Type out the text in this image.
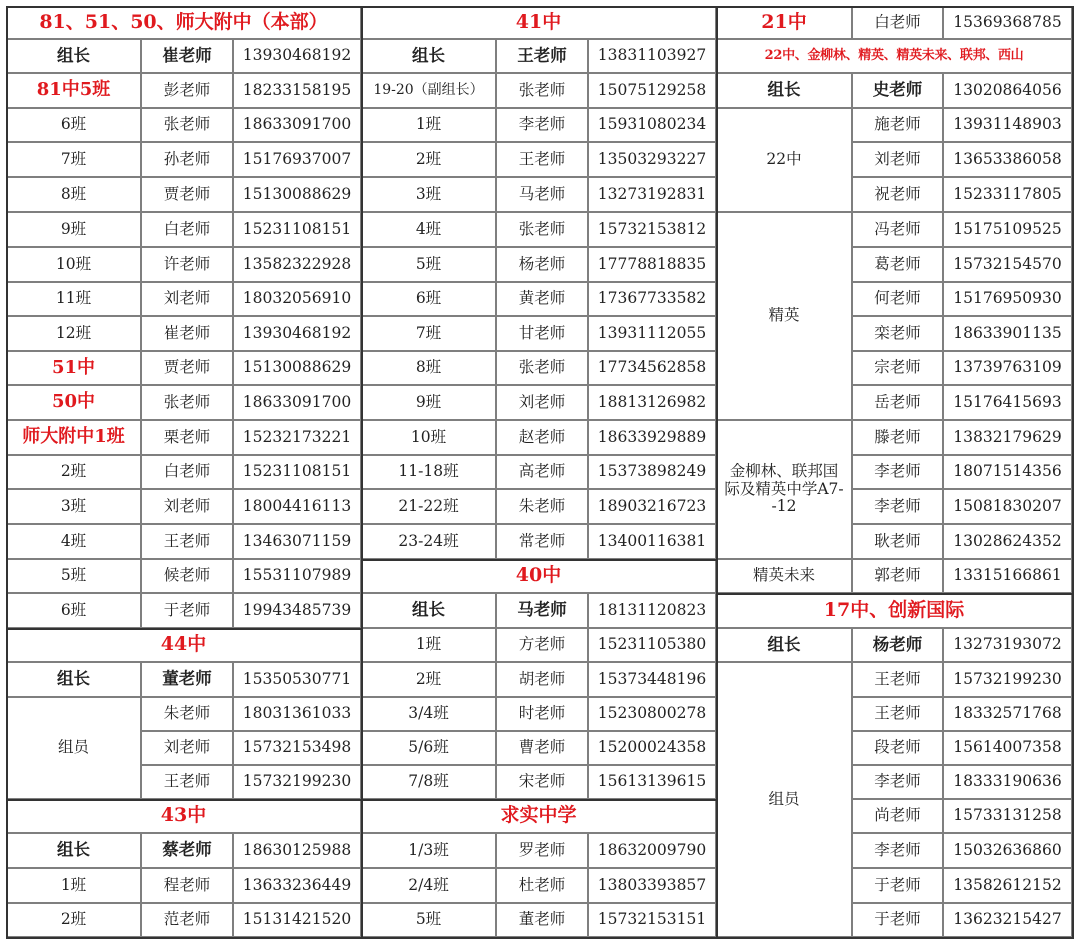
81、51、50、师大附中（本部）
组长	崔老师	13930468192
81中5班	彭老师	18233158195
6班	张老师	18633091700
7班	孙老师	15176937007
8班	贾老师	15130088629
9班	白老师	15231108151
10班	许老师	13582322928
11班	刘老师	18032056910
12班	崔老师	13930468192
51中	贾老师	15130088629
50中	张老师	18633091700
师大附中1班	栗老师	15232173221
2班	白老师	15231108151
3班	刘老师	18004416113
4班	王老师	13463071159
5班	候老师	15531107989
6班	于老师	19943485739
44中
组长	董老师	15350530771
组员
朱老师	18031361033
刘老师	15732153498
王老师	15732199230
43中
组长	蔡老师	18630125988
1班	程老师	13633236449
2班	范老师	15131421520
41中
组长	王老师	13831103927
19-20（副组长）	张老师	15075129258
1班	李老师	15931080234
2班	王老师	13503293227
3班	马老师	13273192831
4班	张老师	15732153812
5班	杨老师	17778818835
6班	黄老师	17367733582
7班	甘老师	13931112055
8班	张老师	17734562858
9班	刘老师	18813126982
10班	赵老师	18633929889
11-18班	高老师	15373898249
21-22班	朱老师	18903216723
23-24班	常老师	13400116381
40中
组长	马老师	18131120823
1班	方老师	15231105380
2班	胡老师	15373448196
3/4班	时老师	15230800278
5/6班	曹老师	15200024358
7/8班	宋老师	15613139615
求实中学
1/3班	罗老师	18632009790
2/4班	杜老师	13803393857
5班	董老师	15732153151
21中	白老师	15369368785
22中、金柳林、精英、精英未来、联邦、西山
组长	史老师	13020864056
22中
施老师	13931148903
刘老师	13653386058
祝老师	15233117805
精英
冯老师	15175109525
葛老师	15732154570
何老师	15176950930
栾老师	18633901135
宗老师	13739763109
岳老师	15176415693
金柳林、联邦国际及精英中学A7--12
滕老师	13832179629
李老师	18071514356
李老师	15081830207
耿老师	13028624352
精英未来	郭老师	13315166861
17中、创新国际
组长	杨老师	13273193072
组员
王老师	15732199230
王老师	18332571768
段老师	15614007358
李老师	18333190636
尚老师	15733131258
李老师	15032636860
于老师	13582612152
于老师	13623215427
